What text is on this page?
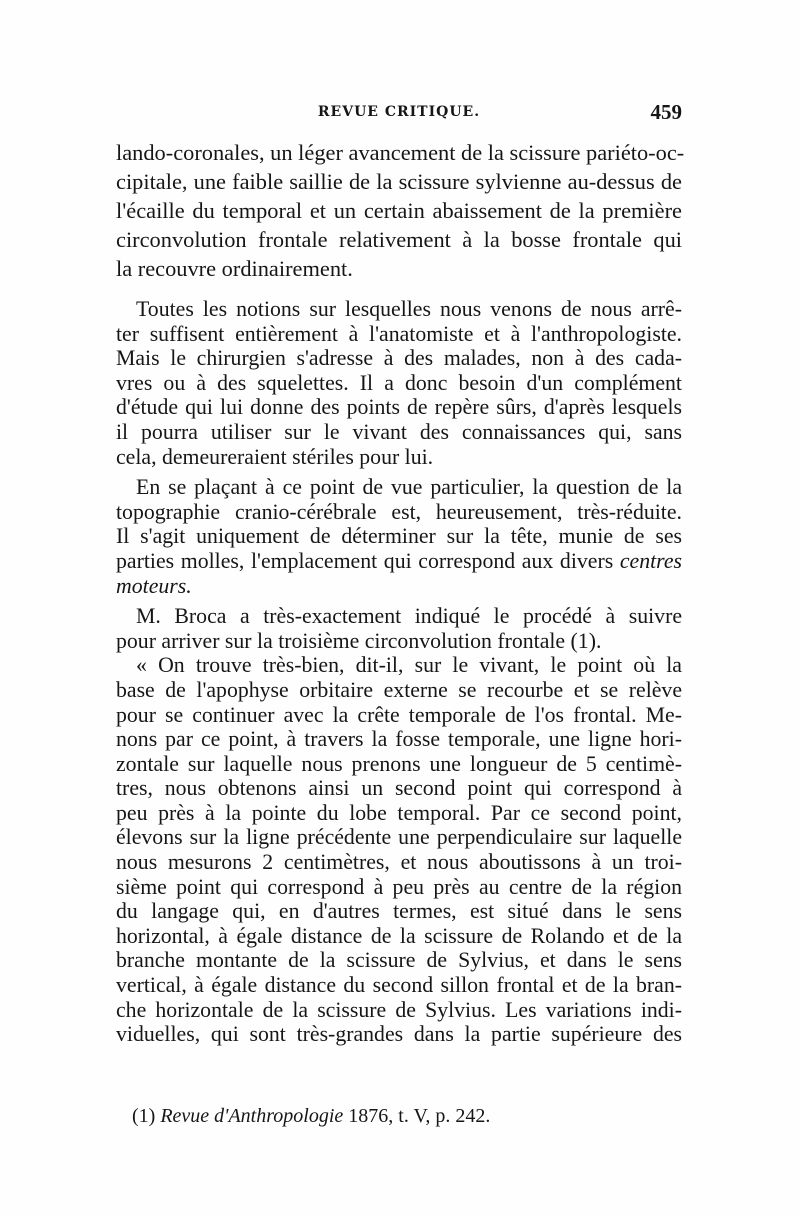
REVUE CRITIQUE.	459
lando-coronales, un léger avancement de la scissure pariéto-oc-
cipitale, une faible saillie de la scissure sylvienne au-dessus de
l'écaille du temporal et un certain abaissement de la première
circonvolution frontale relativement à la bosse frontale qui
la recouvre ordinairement.
Toutes les notions sur lesquelles nous venons de nous arrê-
ter suffisent entièrement à l'anatomiste et à l'anthropologiste.
Mais le chirurgien s'adresse à des malades, non à des cada-
vres ou à des squelettes. Il a donc besoin d'un complément
d'étude qui lui donne des points de repère sûrs, d'après lesquels
il pourra utiliser sur le vivant des connaissances qui, sans
cela, demeureraient stériles pour lui.
En se plaçant à ce point de vue particulier, la question de la
topographie cranio-cérébrale est, heureusement, très-réduite.
Il s'agit uniquement de déterminer sur la tête, munie de ses
parties molles, l'emplacement qui correspond aux divers centres
moteurs.
M. Broca a très-exactement indiqué le procédé à suivre
pour arriver sur la troisième circonvolution frontale (1).
« On trouve très-bien, dit-il, sur le vivant, le point où la
base de l'apophyse orbitaire externe se recourbe et se relève
pour se continuer avec la crête temporale de l'os frontal. Me-
nons par ce point, à travers la fosse temporale, une ligne hori-
zontale sur laquelle nous prenons une longueur de 5 centimè-
tres, nous obtenons ainsi un second point qui correspond à
peu près à la pointe du lobe temporal. Par ce second point,
élevons sur la ligne précédente une perpendiculaire sur laquelle
nous mesurons 2 centimètres, et nous aboutissons à un troi-
sième point qui correspond à peu près au centre de la région
du langage qui, en d'autres termes, est situé dans le sens
horizontal, à égale distance de la scissure de Rolando et de la
branche montante de la scissure de Sylvius, et dans le sens
vertical, à égale distance du second sillon frontal et de la bran-
che horizontale de la scissure de Sylvius. Les variations indi-
viduelles, qui sont très-grandes dans la partie supérieure des
(1) Revue d'Anthropologie 1876, t. V, p. 242.
